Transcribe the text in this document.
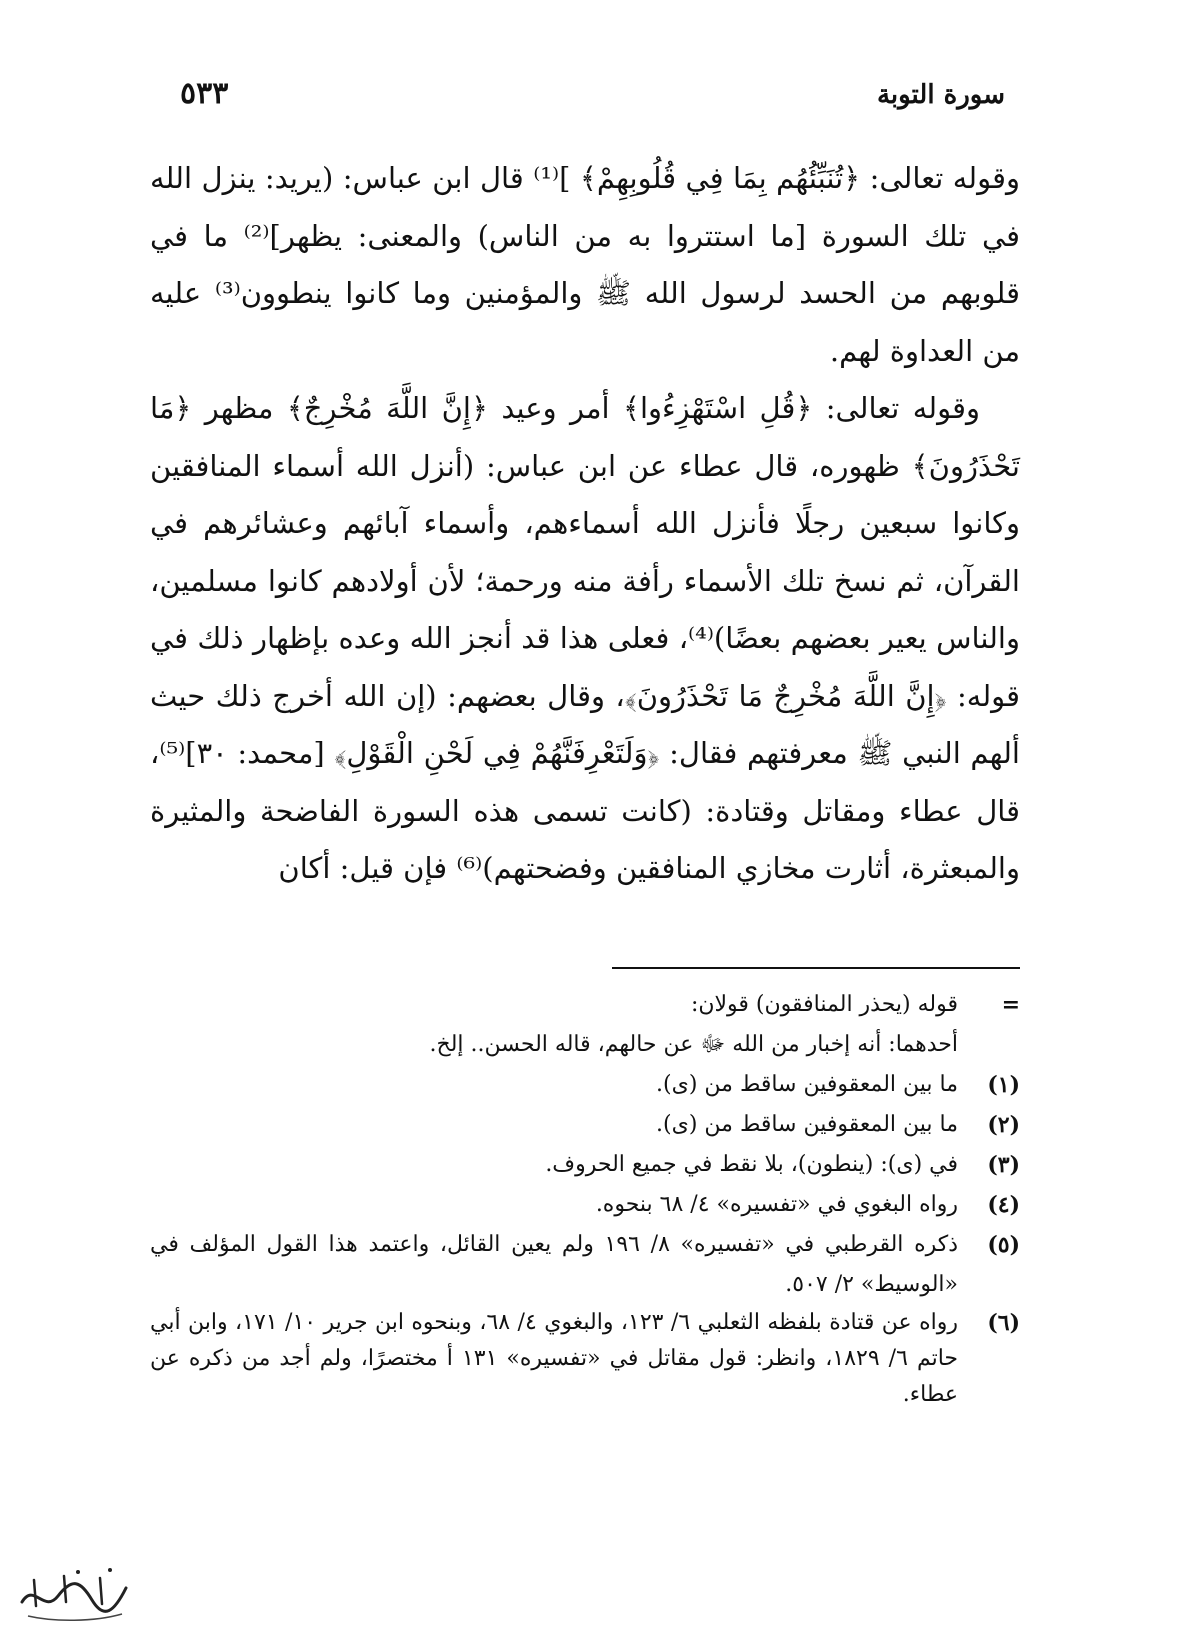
سورة التوبة
٥٣٣

وقوله تعالى: ﴿تُنَبِّئُهُم بِمَا فِي قُلُوبِهِمْ﴾ ]⁽¹⁾ قال ابن عباس: (يريد: ينزل الله في تلك السورة [ما استتروا به من الناس) والمعنى: يظهر]⁽²⁾ ما في قلوبهم من الحسد لرسول الله ﷺ والمؤمنين وما كانوا ينطوون⁽³⁾ عليه من العداوة لهم.

وقوله تعالى: ﴿قُلِ اسْتَهْزِءُوا﴾ أمر وعيد ﴿إِنَّ اللَّهَ مُخْرِجٌ﴾ مظهر ﴿مَا تَحْذَرُونَ﴾ ظهوره، قال عطاء عن ابن عباس: (أنزل الله أسماء المنافقين وكانوا سبعين رجلًا فأنزل الله أسماءهم، وأسماء آبائهم وعشائرهم في القرآن، ثم نسخ تلك الأسماء رأفة منه ورحمة؛ لأن أولادهم كانوا مسلمين، والناس يعير بعضهم بعضًا)⁽⁴⁾، فعلى هذا قد أنجز الله وعده بإظهار ذلك في قوله: ﴿إِنَّ اللَّهَ مُخْرِجٌ مَا تَحْذَرُونَ﴾، وقال بعضهم: (إن الله أخرج ذلك حيث ألهم النبي ﷺ معرفتهم فقال: ﴿وَلَتَعْرِفَنَّهُمْ فِي لَحْنِ الْقَوْلِ﴾ [محمد: ٣٠]⁽⁵⁾، قال عطاء ومقاتل وقتادة: (كانت تسمى هذه السورة الفاضحة والمثيرة والمبعثرة، أثارت مخازي المنافقين وفضحتهم)⁽⁶⁾ فإن قيل: أكان

=
قوله (يحذر المنافقون) قولان:
أحدهما: أنه إخبار من الله ﷻ عن حالهم، قاله الحسن.. إلخ.
(١)
ما بين المعقوفين ساقط من (ى).
(٢)
ما بين المعقوفين ساقط من (ى).
(٣)
في (ى): (ينطون)، بلا نقط في جميع الحروف.
(٤)
رواه البغوي في «تفسيره» ٤/ ٦٨ بنحوه.
(٥)
ذكره القرطبي في «تفسيره» ٨/ ١٩٦ ولم يعين القائل، واعتمد هذا القول المؤلف في «الوسيط» ٢/ ٥٠٧.
(٦)
رواه عن قتادة بلفظه الثعلبي ٦/ ١٢٣، والبغوي ٤/ ٦٨، وبنحوه ابن جرير ١٠/ ١٧١، وابن أبي حاتم ٦/ ١٨٢٩، وانظر: قول مقاتل في «تفسيره» ١٣١ أ مختصرًا، ولم أجد من ذكره عن عطاء.
